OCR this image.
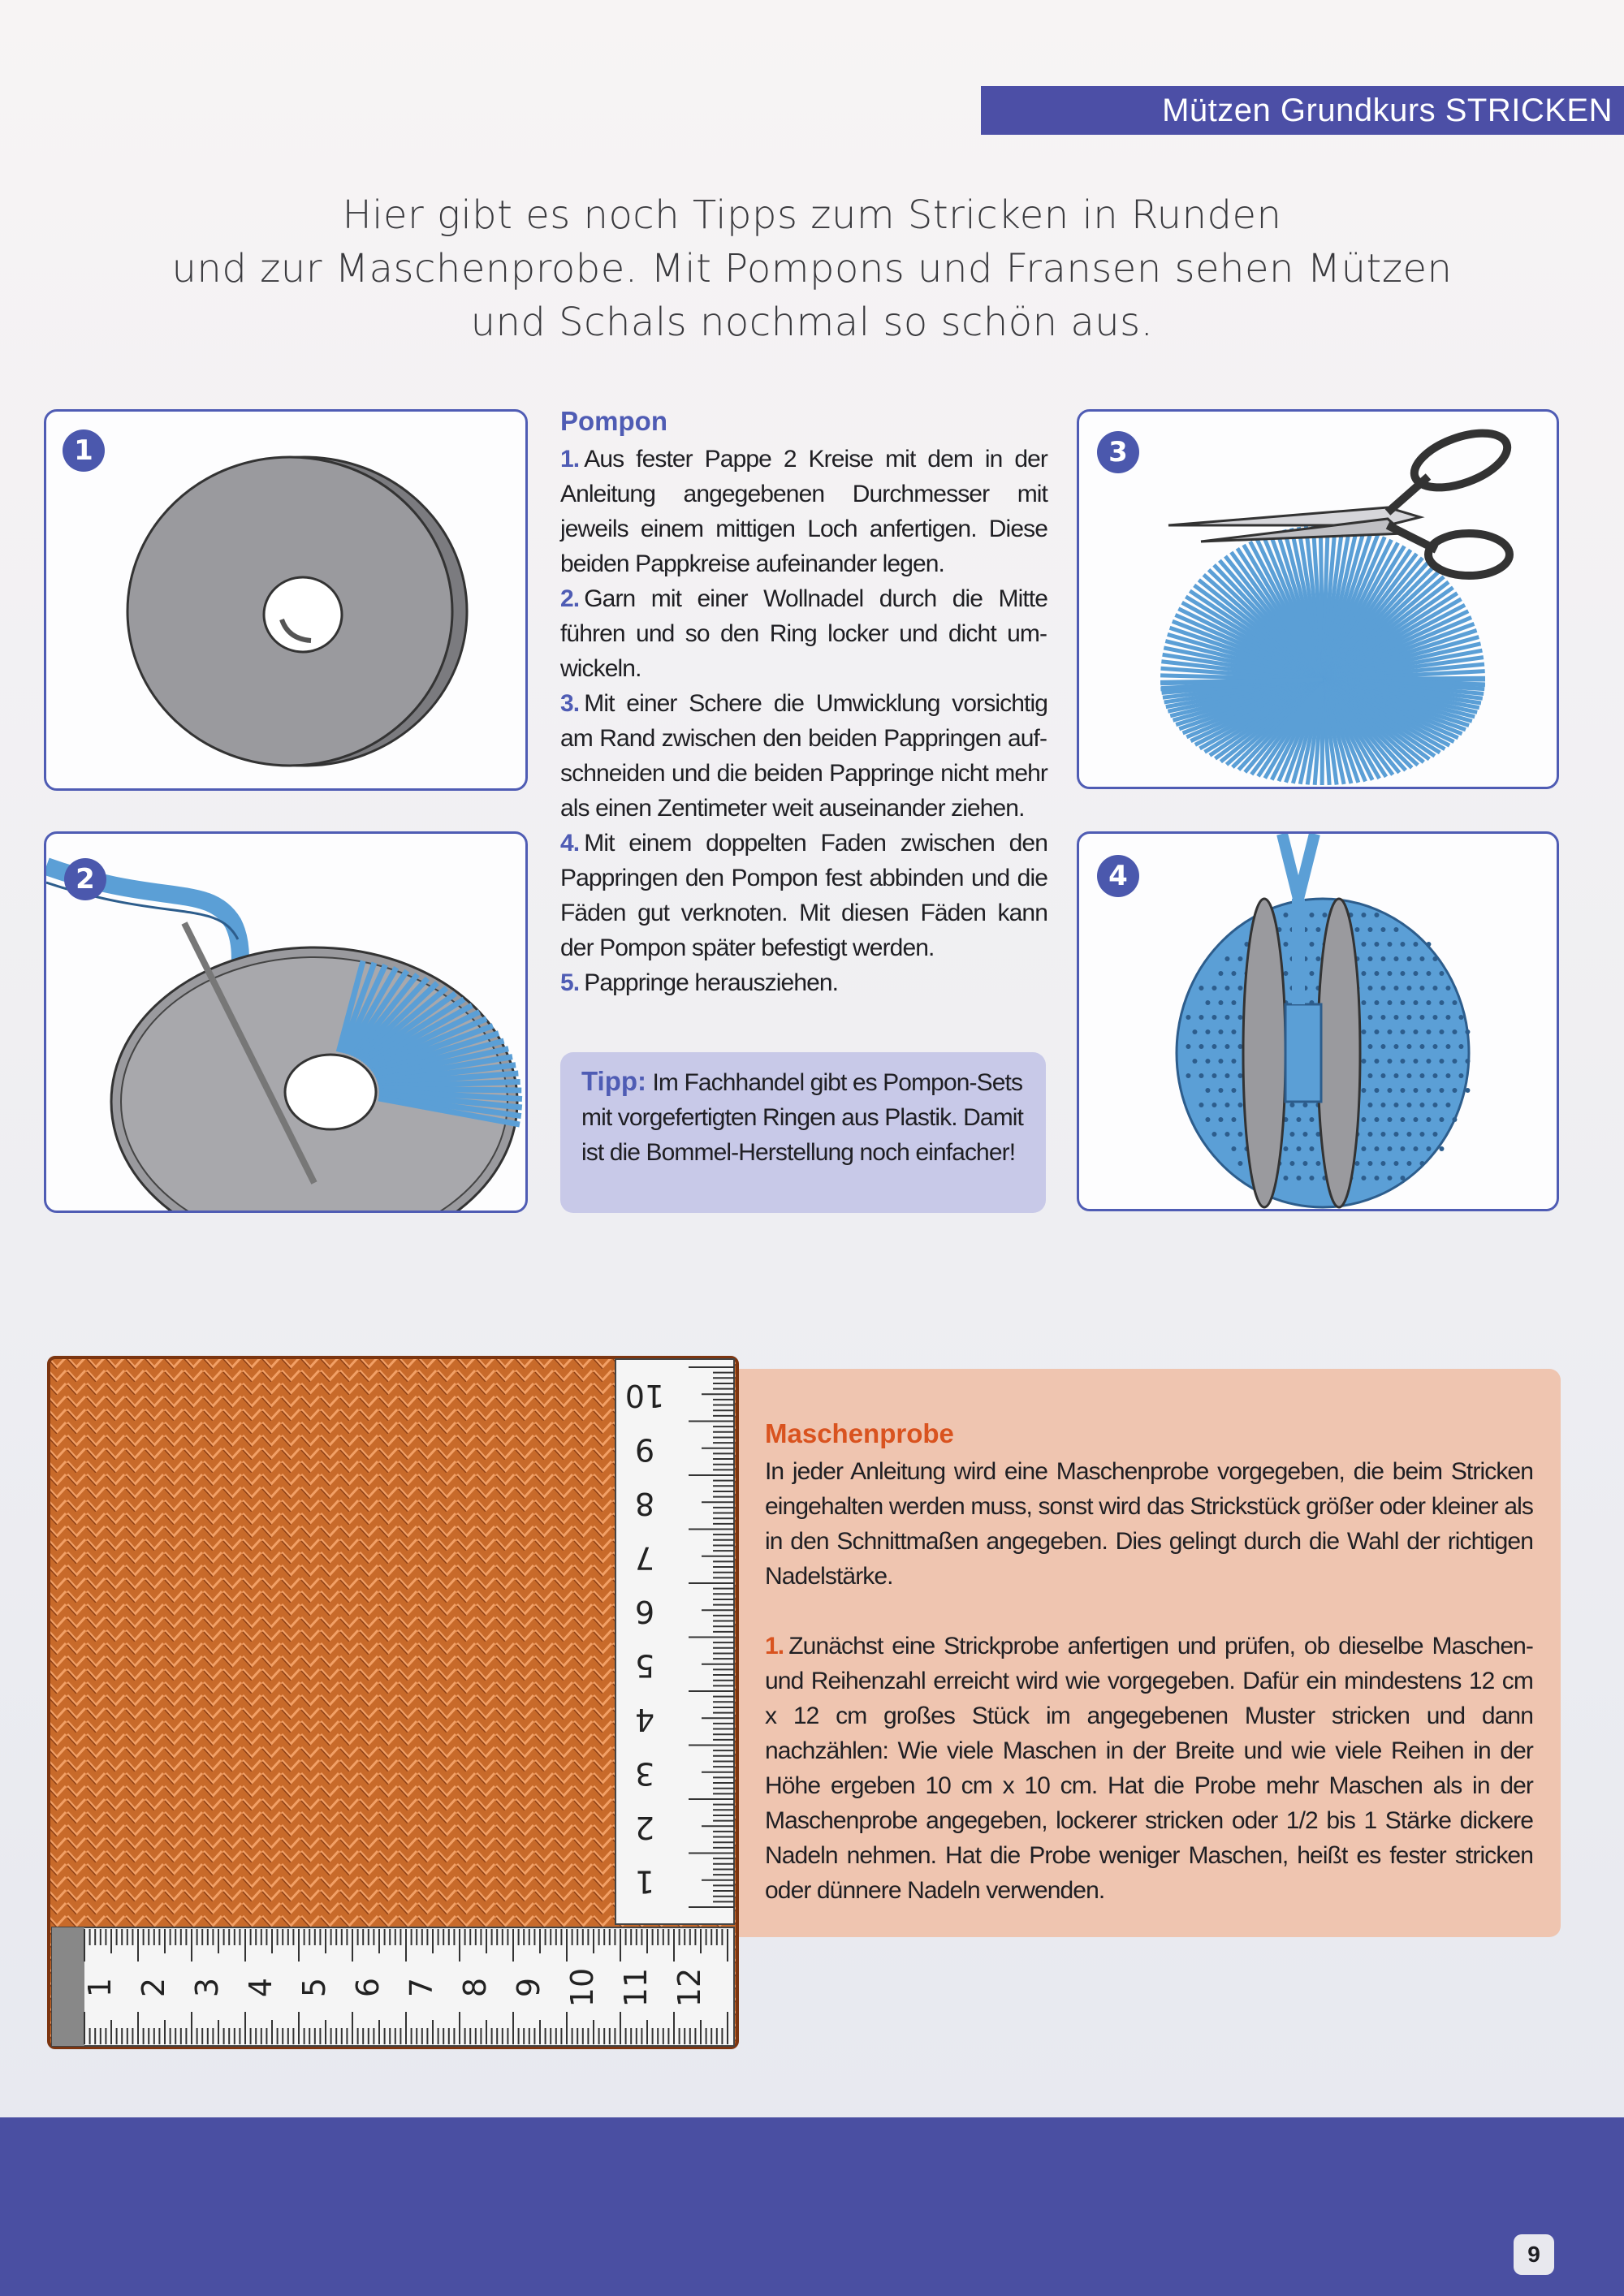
Mützen Grundkurs STRICKEN
Hier gibt es noch Tipps zum Stricken in Runden
und zur Maschenprobe. Mit Pompons und Fransen sehen Mützen
und Schals nochmal so schön aus.
1
2
Pompon

1. Aus fester Pappe 2 Kreise mit dem in der Anleitung angegebenen Durchmesser mit jeweils einem mittigen Loch anfertigen. Diese beiden Pappkreise aufeinander legen.

2. Garn mit einer Wollnadel durch die Mitte führen und so den Ring locker und dicht umwickeln.

3. Mit einer Schere die Umwicklung vorsichtig am Rand zwischen den beiden Pappringen aufschneiden und die beiden Pappringe nicht mehr als einen Zentimeter weit auseinander ziehen.

4. Mit einem doppelten Faden zwischen den Pappringen den Pompon fest abbinden und die Fäden gut verknoten. Mit diesen Fäden kann der Pompon später befestigt werden.

5. Pappringe herausziehen.

Tipp: Im Fachhandel gibt es Pompon-Sets mit vorgefertigten Ringen aus Plastik. Damit ist die Bommel-Herstellung noch einfacher!
3
4
10
9
8
7
6
5
4
3
2
1
1 2 3 4 5 6 7 8 9 10 11 12
Maschenprobe

In jeder Anleitung wird eine Maschenprobe vorgegeben, die beim Stricken eingehalten werden muss, sonst wird das Strickstück größer oder kleiner als in den Schnittmaßen angegeben. Dies gelingt durch die Wahl der richtigen Nadelstärke.

1. Zunächst eine Strickprobe anfertigen und prüfen, ob dieselbe Maschen- und Reihenzahl erreicht wird wie vorgegeben. Dafür ein mindestens 12 cm x 12 cm großes Stück im angegebenen Muster stricken und dann nachzählen: Wie viele Maschen in der Breite und wie viele Reihen in der Höhe ergeben 10 cm x 10 cm. Hat die Probe mehr Maschen als in der Maschenprobe angegeben, lockerer stricken oder 1/2 bis 1 Stärke dickere Nadeln nehmen. Hat die Probe weniger Maschen, heißt es fester stricken oder dünnere Nadeln verwenden.

9
